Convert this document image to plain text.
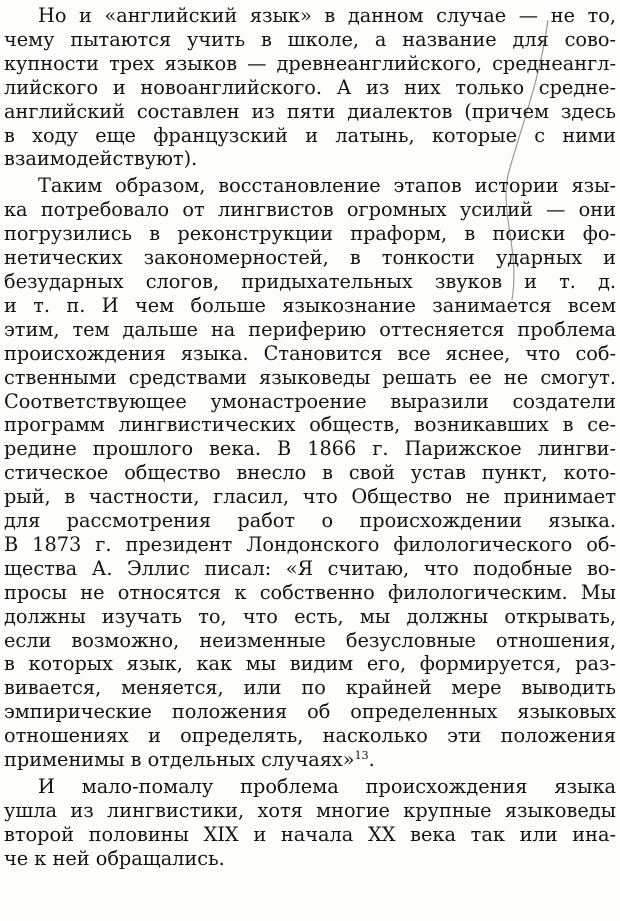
Но и «английский язык» в данном случае — не то,
чему пытаются учить в школе, а название для сово-
купности трех языков — древнеанглийского, среднеангл-
лийского и новоанглийского. А из них только средне-
английский составлен из пяти диалектов (причем здесь
в ходу еще французский и латынь, которые с ними
взаимодействуют).
Таким образом, восстановление этапов истории язы-
ка потребовало от лингвистов огромных усилий — они
погрузились в реконструкции праформ, в поиски фо-
нетических закономерностей, в тонкости ударных и
безударных слогов, придыхательных звуков и т. д.
и т. п. И чем больше языкознание занимается всем
этим, тем дальше на периферию оттесняется проблема
происхождения языка. Становится все яснее, что соб-
ственными средствами языковеды решать ее не смогут.
Соответствующее умонастроение выразили создатели
программ лингвистических обществ, возникавших в се-
редине прошлого века. В 1866 г. Парижское лингви-
стическое общество внесло в свой устав пункт, кото-
рый, в частности, гласил, что Общество не принимает
для рассмотрения работ о происхождении языка.
В 1873 г. президент Лондонского филологического об-
щества А. Эллис писал: «Я считаю, что подобные во-
просы не относятся к собственно филологическим. Мы
должны изучать то, что есть, мы должны открывать,
если возможно, неизменные безусловные отношения,
в которых язык, как мы видим его, формируется, раз-
вивается, меняется, или по крайней мере выводить
эмпирические положения об определенных языковых
отношениях и определять, насколько эти положения
применимы в отдельных случаях»$^{13}$.
И мало-помалу проблема происхождения языка
ушла из лингвистики, хотя многие крупные языковеды
второй половины XIX и начала XX века так или ина-
че к ней обращались.
